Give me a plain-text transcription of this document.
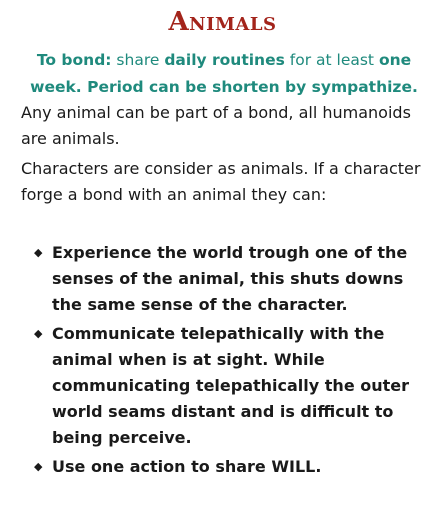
Animals
To bond: share daily routines for at least one week. Period can be shorten by sympathize.
Any animal can be part of a bond, all humanoids are animals.
Characters are consider as animals. If a character forge a bond with an animal they can:
◆ Experience the world trough one of the senses of the animal, this shuts downs the same sense of the character.
◆ Communicate telepathically with the animal when is at sight. While communicating telepathically the outer world seams distant and is difficult to being perceive.
◆ Use one action to share WILL.
